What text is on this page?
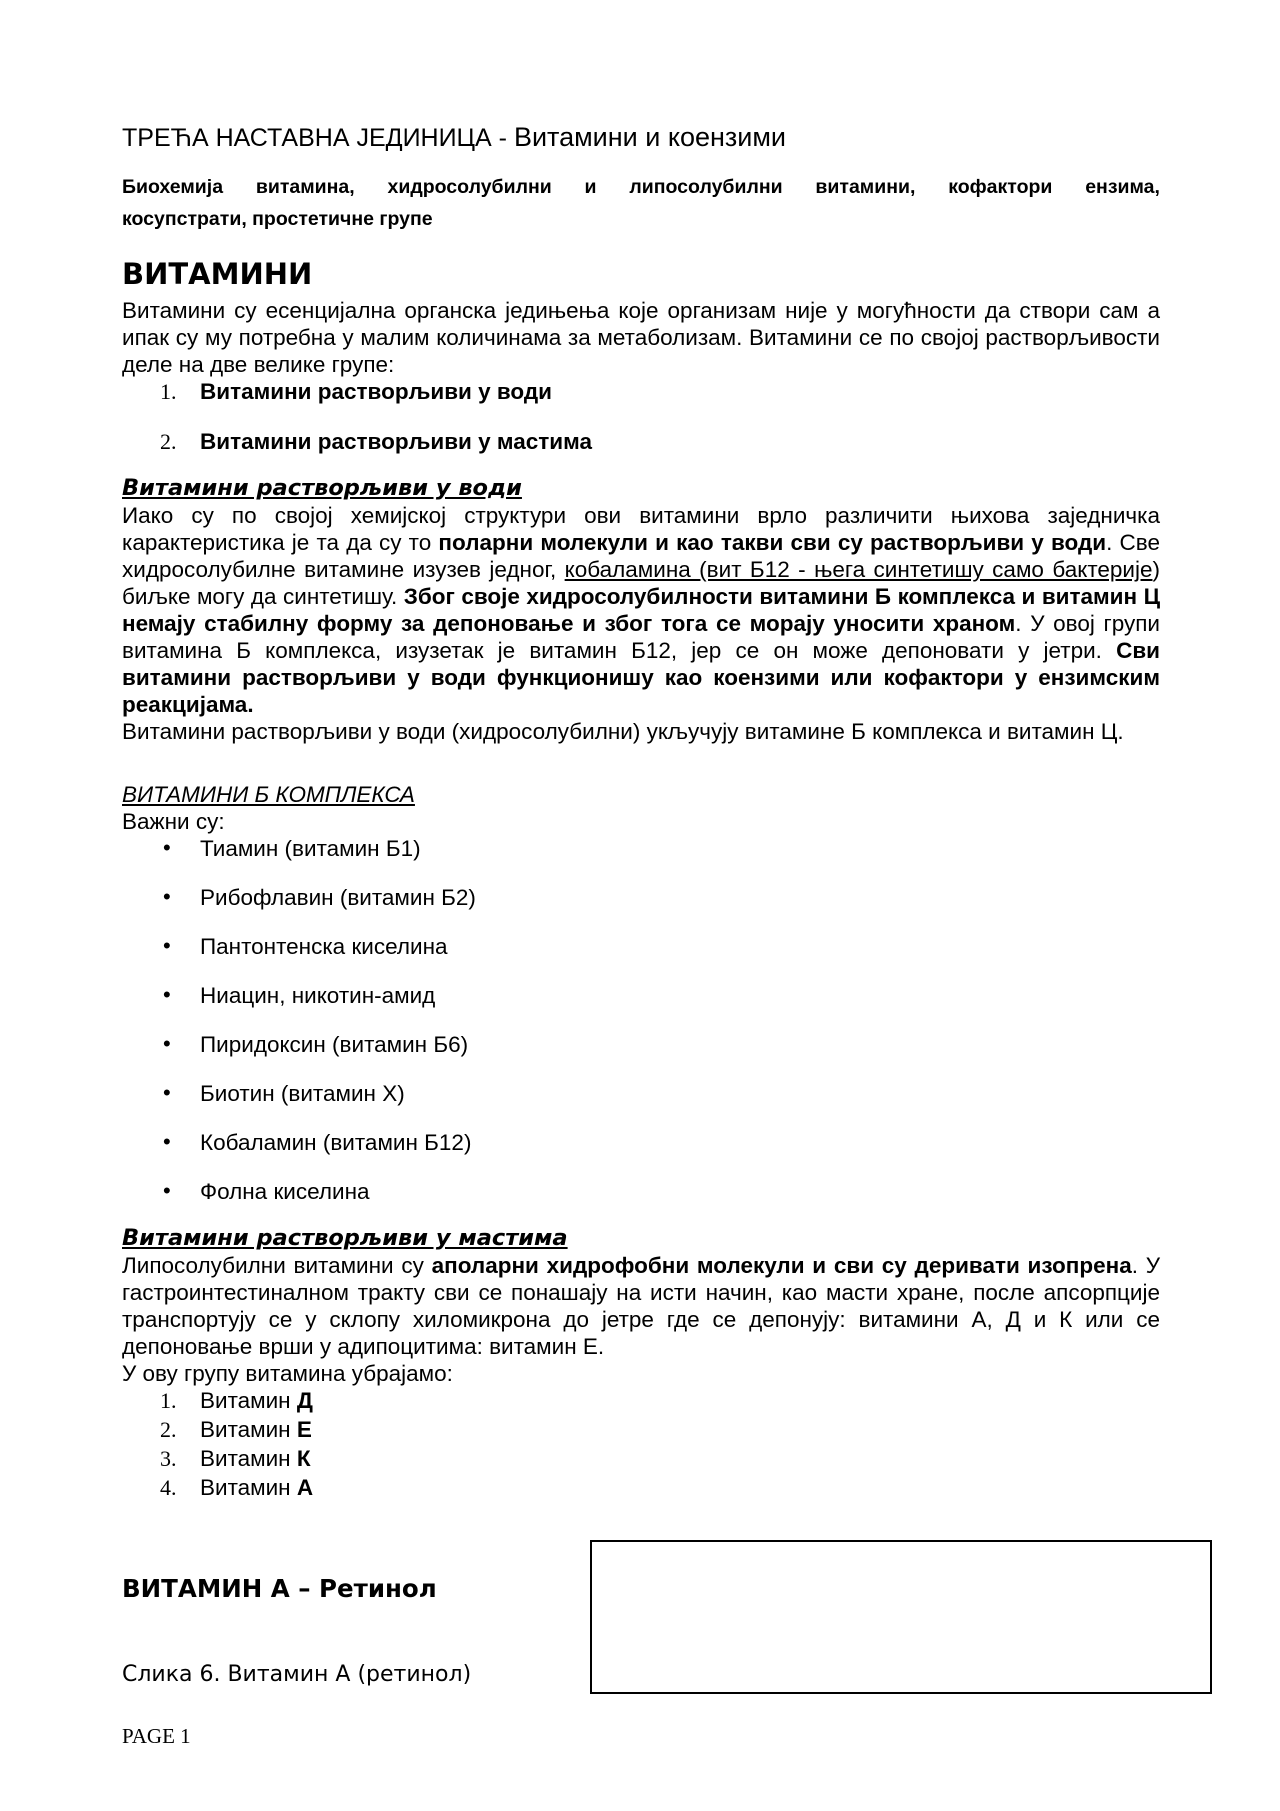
ТРЕЋА НАСТАВНА ЈЕДИНИЦА - Витамини и коензими
Биохемија витамина, хидросолубилни и липосолубилни витамини, кофактори ензима,
косупстрати, простетичне групе
ВИТАМИНИ

Витамини су есенцијална органска једињења које организам није у могућности да створи сам а ипак су му потребна у малим количинама за метаболизам. Витамини се по својој растворљивости деле на две велике групе:

1. Витамини растворљиви у води
2. Витамини растворљиви у мастима
Витамини растворљиви у води

Иако су по својој хемијској структури ови витамини врло различити њихова заједничка карактеристика је та да су то поларни молекули и као такви сви су растворљиви у води. Све хидросолубилне витамине изузев једног, кобаламина (вит Б12 - њега синтетишу само бактерије) биљке могу да синтетишу. Због своје хидросолубилности витамини Б комплекса и витамин Ц немају стабилну форму за депоновање и због тога се морају уносити храном. У овој групи витамина Б комплекса, изузетак је витамин Б12, јер се он може депоновати у јетри. Сви витамини растворљиви у води функционишу као коензими или кофактори у ензимским реакцијама.

Витамини растворљиви у води (хидросолубилни) укључују витамине Б комплекса и витамин Ц.

ВИТАМИНИ Б КОМПЛЕКСА
Важни су:
• Тиамин (витамин Б1)
• Рибофлавин (витамин Б2)
• Пантонтенска киселина
• Ниацин, никотин-амид
• Пиридоксин (витамин Б6)
• Биотин (витамин Х)
• Кобаламин (витамин Б12)
• Фолна киселина
Витамини растворљиви у мастима

Липосолубилни витамини су аполарни хидрофобни молекули и сви су деривати изопрена. У гастроинтестиналном тракту сви се понашају на исти начин, као масти хране, после апсорпције транспортују се у склопу хиломикрона до јетре где се депонују: витамини А, Д и К или се депоновање врши у адипоцитима: витамин Е.

У ову групу витамина убрајамо:

1. Витамин Д
2. Витамин Е
3. Витамин К
4. Витамин А
ВИТАМИН А – Ретинол
Слика 6. Витамин А (ретинол)
PAGE 1
